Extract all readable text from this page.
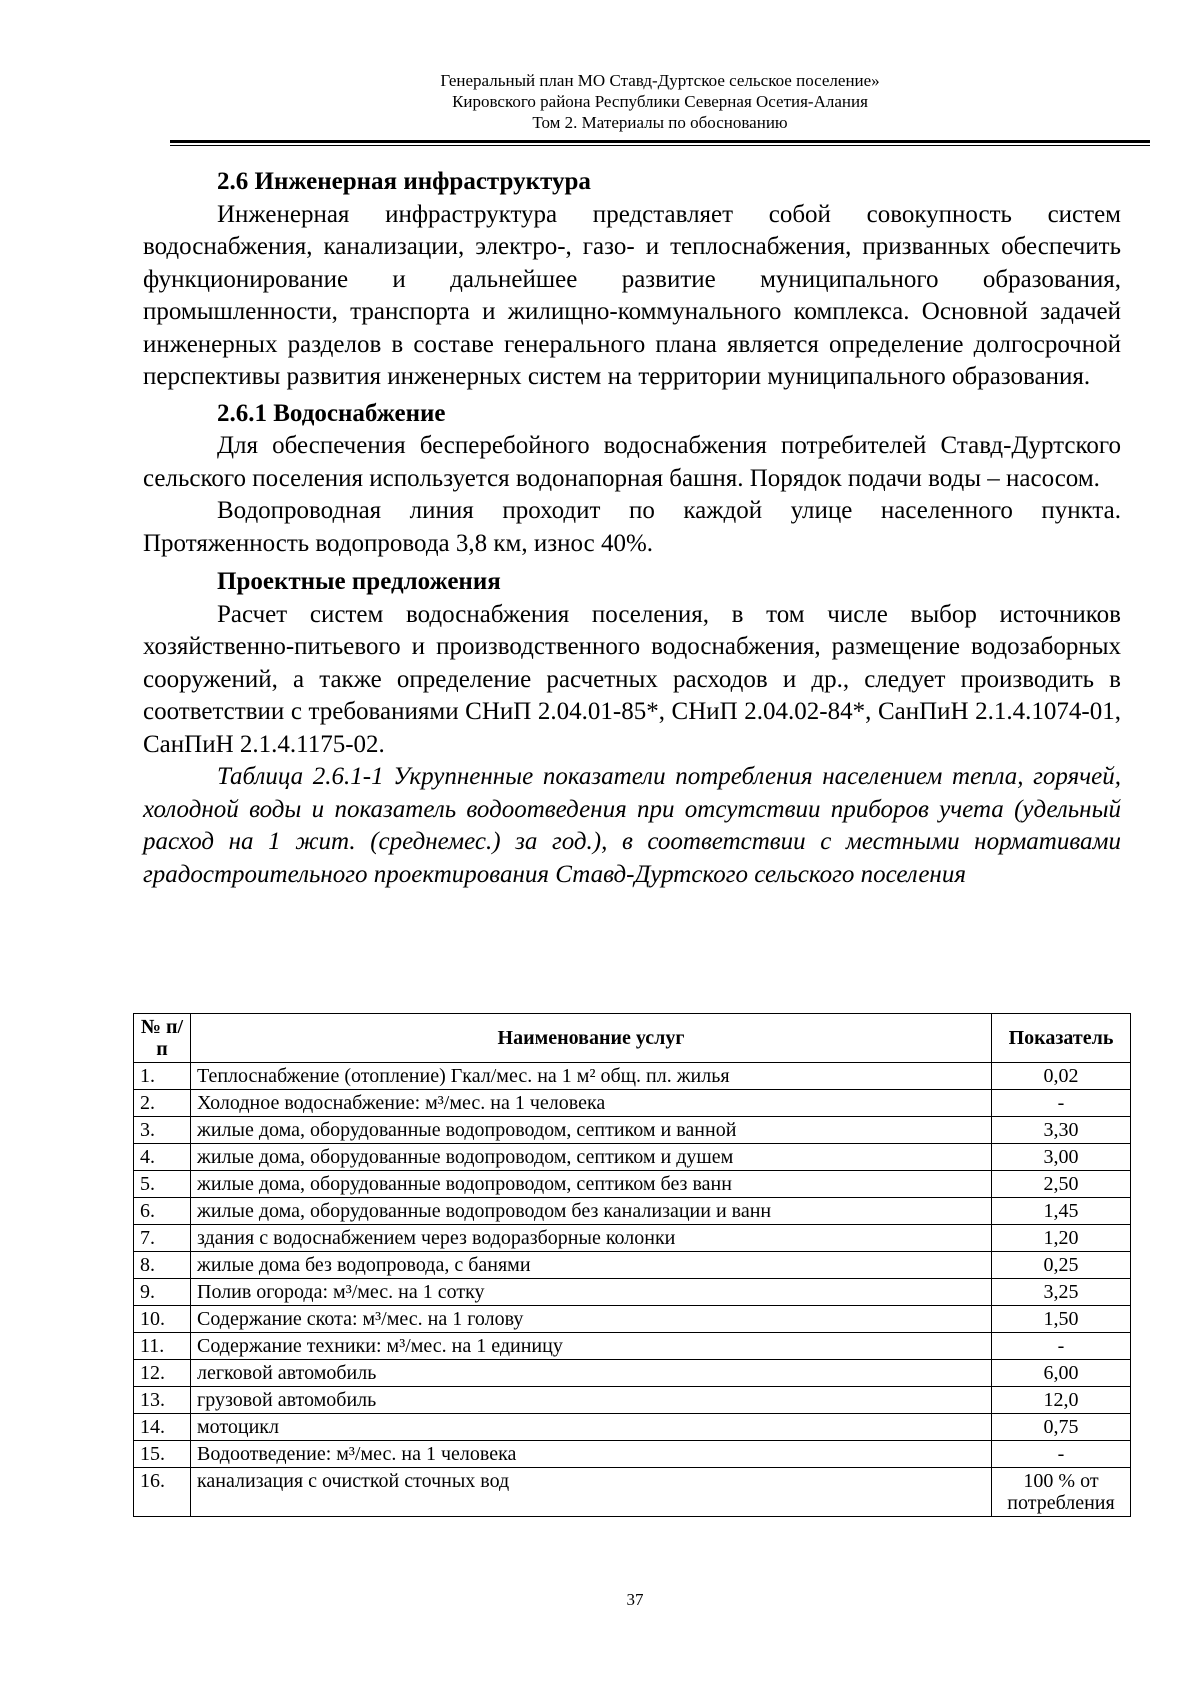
Генеральный план МО Ставд-Дуртское сельское поселение»
Кировского района Республики Северная Осетия-Алания
Том 2. Материалы по обоснованию
2.6 Инженерная инфраструктура

Инженерная инфраструктура представляет собой совокупность систем водоснабжения, канализации, электро-, газо- и теплоснабжения, призванных обеспечить функционирование и дальнейшее развитие муниципального образования, промышленности, транспорта и жилищно-коммунального комплекса. Основной задачей инженерных разделов в составе генерального плана является определение долгосрочной перспективы развития инженерных систем на территории муниципального образования.

2.6.1 Водоснабжение

Для обеспечения бесперебойного водоснабжения потребителей Ставд-Дуртского сельского поселения используется водонапорная башня. Порядок подачи воды – насосом.

Водопроводная линия проходит по каждой улице населенного пункта. Протяженность водопровода 3,8 км, износ 40%.

Проектные предложения

Расчет систем водоснабжения поселения, в том числе выбор источников хозяйственно-питьевого и производственного водоснабжения, размещение водозаборных сооружений, а также определение расчетных расходов и др., следует производить в соответствии с требованиями СНиП 2.04.01-85*, СНиП 2.04.02-84*, СанПиН 2.1.4.1074-01, СанПиН 2.1.4.1175-02.

Таблица 2.6.1-1 Укрупненные показатели потребления населением тепла, горячей, холодной воды и показатель водоотведения при отсутствии приборов учета (удельный расход на 1 жит. (среднемес.) за год.), в соответствии с местными нормативами градостроительного проектирования Ставд-Дуртского сельского поселения

№ п/п	Наименование услуг	Показатель
1.	Теплоснабжение (отопление) Гкал/мес. на 1 м² общ. пл. жилья	0,02
2.	Холодное водоснабжение: м³/мес. на 1 человека	-
3.	жилые дома, оборудованные водопроводом, септиком и ванной	3,30
4.	жилые дома, оборудованные водопроводом, септиком и душем	3,00
5.	жилые дома, оборудованные водопроводом, септиком без ванн	2,50
6.	жилые дома, оборудованные водопроводом без канализации и ванн	1,45
7.	здания с водоснабжением через водоразборные колонки	1,20
8.	жилые дома без водопровода, с банями	0,25
9.	Полив огорода: м³/мес. на 1 сотку	3,25
10.	Содержание скота: м³/мес. на 1 голову	1,50
11.	Содержание техники: м³/мес. на 1 единицу	-
12.	легковой автомобиль	6,00
13.	грузовой автомобиль	12,0
14.	мотоцикл	0,75
15.	Водоотведение: м³/мес. на 1 человека	-
16.	канализация с очисткой сточных вод	100 % от потребления
37
